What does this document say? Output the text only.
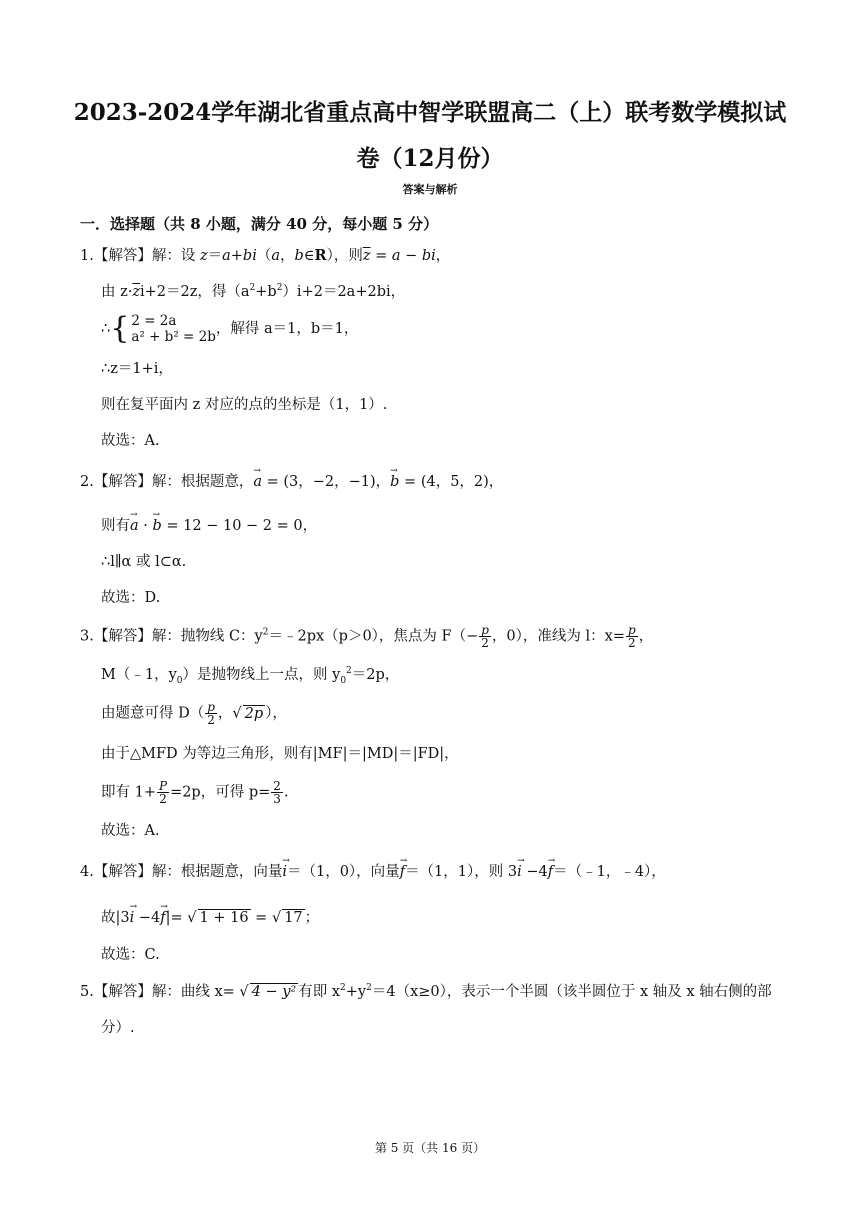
2023-2024学年湖北省重点高中智学联盟高二（上）联考数学模拟试卷（12月份）
答案与解析
一．选择题（共 8 小题，满分 40 分，每小题 5 分）
1.【解答】解：设 z＝a+bi（a，b∈R），则$\overline{z} = a$ − bi，
由 $z\cdot\overline{z}i+2=2z$，得$(a^2+b^2)i+2=2a+2bi$，
∴{ 2 = 2a
a² + b² = 2b ，解得 a＝1，b＝1，
∴z＝1+i，
则在复平面内 z 对应的点的坐标是（1，1）.
故选：A.
2.【解答】解：根据题意，→ a = (3，−2，−1)，→ b = (4，5，2)，
则有→ a · → b = 12 − 10 − 2 = 0，
∴l∥α 或 l⊂α.
故选：D.
3.【解答】解：抛物线 C：$y^2=﹣2px(p>0)$，焦点为 $F(- \frac{p}{2}$ ，0），准线为 l：$x= \frac{p}{2}$ ，
M（﹣1，$y_0$）是抛物线上一点，则 $y_0^2=2p$，
由题意可得 $D( \frac{p}{2}$ ，√ 2p ），
由于△MFD 为等边三角形，则有|MF|＝|MD|＝|FD|，
即有 $1+ \frac{P}{2} =2p$，可得 $p= \frac{2}{3}$ .
故选：A.
4.【解答】解：根据题意，向量→ i＝（1，0），向量→ f＝（1，1），则 3→ i −4→ f＝（﹣1，﹣4），
故|3→ i −4→ f|= √ 1 + 16 = √ 17 ；
故选：C.
5.【解答】解：曲线 x= √ 4 − y² 有即 $x^2+y^2=4(x\ge 0)$，表示一个半圆（该半圆位于 x 轴及 x 轴右侧的部
分）.
第 5 页（共 16 页）
